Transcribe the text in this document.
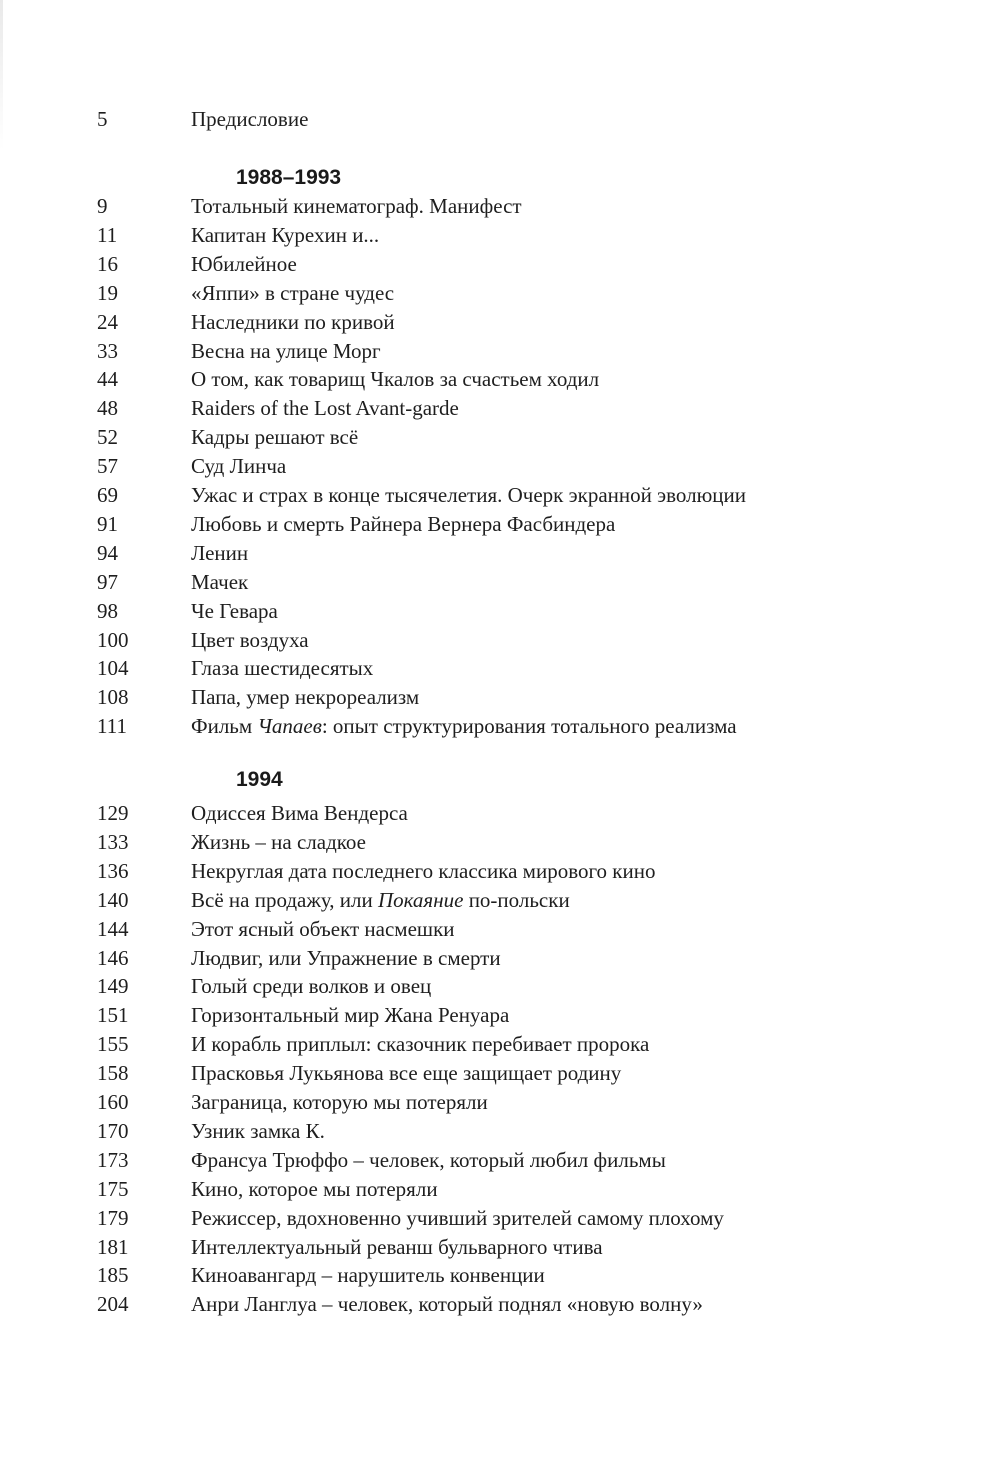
5	Предисловие
1988–1993
9	Тотальный кинематограф. Манифест
11	Капитан Курехин и...
16	Юбилейное
19	«Яппи» в стране чудес
24	Наследники по кривой
33	Весна на улице Морг
44	О том, как товарищ Чкалов за счастьем ходил
48	Raiders of the Lost Avant-garde
52	Кадры решают всё
57	Суд Линча
69	Ужас и страх в конце тысячелетия. Очерк экранной эволюции
91	Любовь и смерть Райнера Вернера Фасбиндера
94	Ленин
97	Мачек
98	Че Гевара
100	Цвет воздуха
104	Глаза шестидесятых
108	Папа, умер некрореализм
111	Фильм Чапаев: опыт структурирования тотального реализма
1994
129	Одиссея Вима Вендерса
133	Жизнь – на сладкое
136	Некруглая дата последнего классика мирового кино
140	Всё на продажу, или Покаяние по-польски
144	Этот ясный объект насмешки
146	Людвиг, или Упражнение в смерти
149	Голый среди волков и овец
151	Горизонтальный мир Жана Ренуара
155	И корабль приплыл: сказочник перебивает пророка
158	Прасковья Лукьянова все еще защищает родину
160	Заграница, которую мы потеряли
170	Узник замка К.
173	Франсуа Трюффо – человек, который любил фильмы
175	Кино, которое мы потеряли
179	Режиссер, вдохновенно учивший зрителей самому плохому
181	Интеллектуальный реванш бульварного чтива
185	Киноавангард – нарушитель конвенции
204	Анри Ланглуа – человек, который поднял «новую волну»
